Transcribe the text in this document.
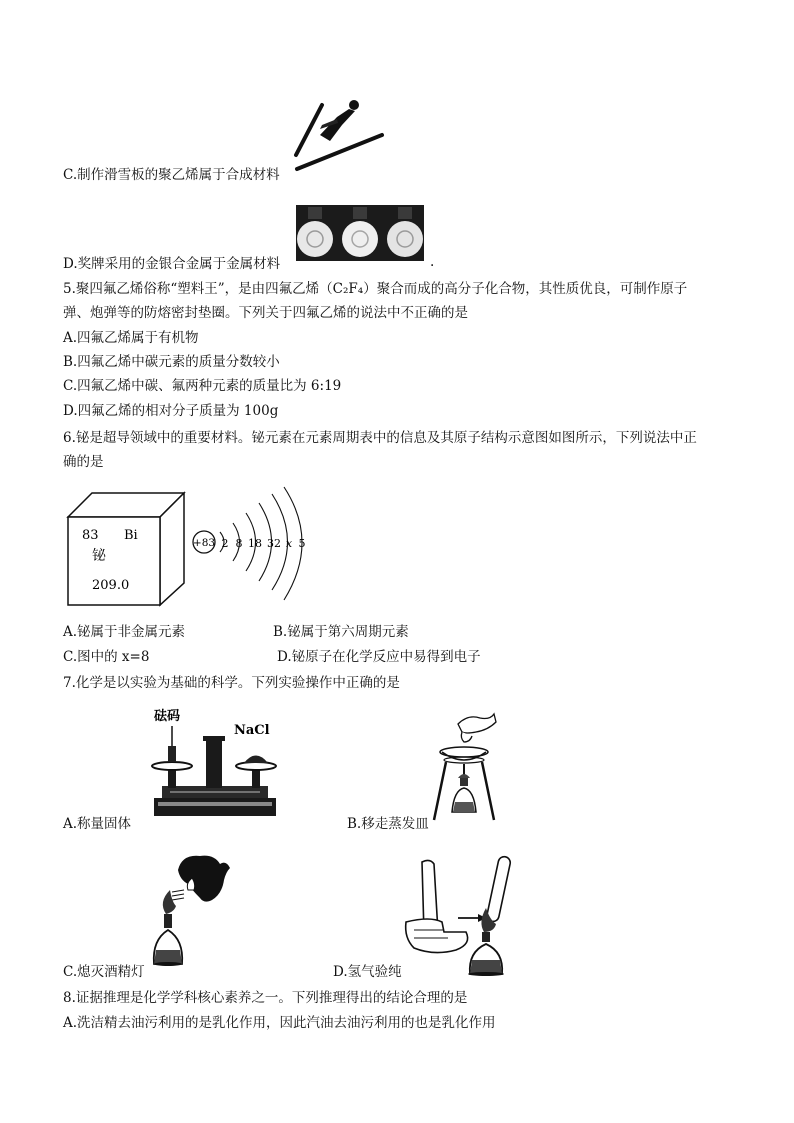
C.制作滑雪板的聚乙烯属于合成材料
D.奖牌采用的金银合金属于金属材料	.
5.聚四氟乙烯俗称“塑料王”，是由四氟乙烯（C₂F₄）聚合而成的高分子化合物，其性质优良，可制作原子
弹、炮弹等的防熔密封垫圈。下列关于四氟乙烯的说法中不正确的是
A.四氟乙烯属于有机物
B.四氟乙烯中碳元素的质量分数较小
C.四氟乙烯中碳、氟两种元素的质量比为 6:19
D.四氟乙烯的相对分子质量为 100g
6.铋是超导领域中的重要材料。铋元素在元素周期表中的信息及其原子结构示意图如图所示，下列说法中正
确的是
83 Bi
铋
209.0
+83 2 8 18 32 x 5
A.铋属于非金属元素	B.铋属于第六周期元素
C.图中的 x=8	D.铋原子在化学反应中易得到电子
7.化学是以实验为基础的科学。下列实验操作中正确的是
砝码
NaCl
A.称量固体	B.移走蒸发皿
C.熄灭酒精灯	D.氢气验纯
8.证据推理是化学学科核心素养之一。下列推理得出的结论合理的是
A.洗洁精去油污利用的是乳化作用，因此汽油去油污利用的也是乳化作用
